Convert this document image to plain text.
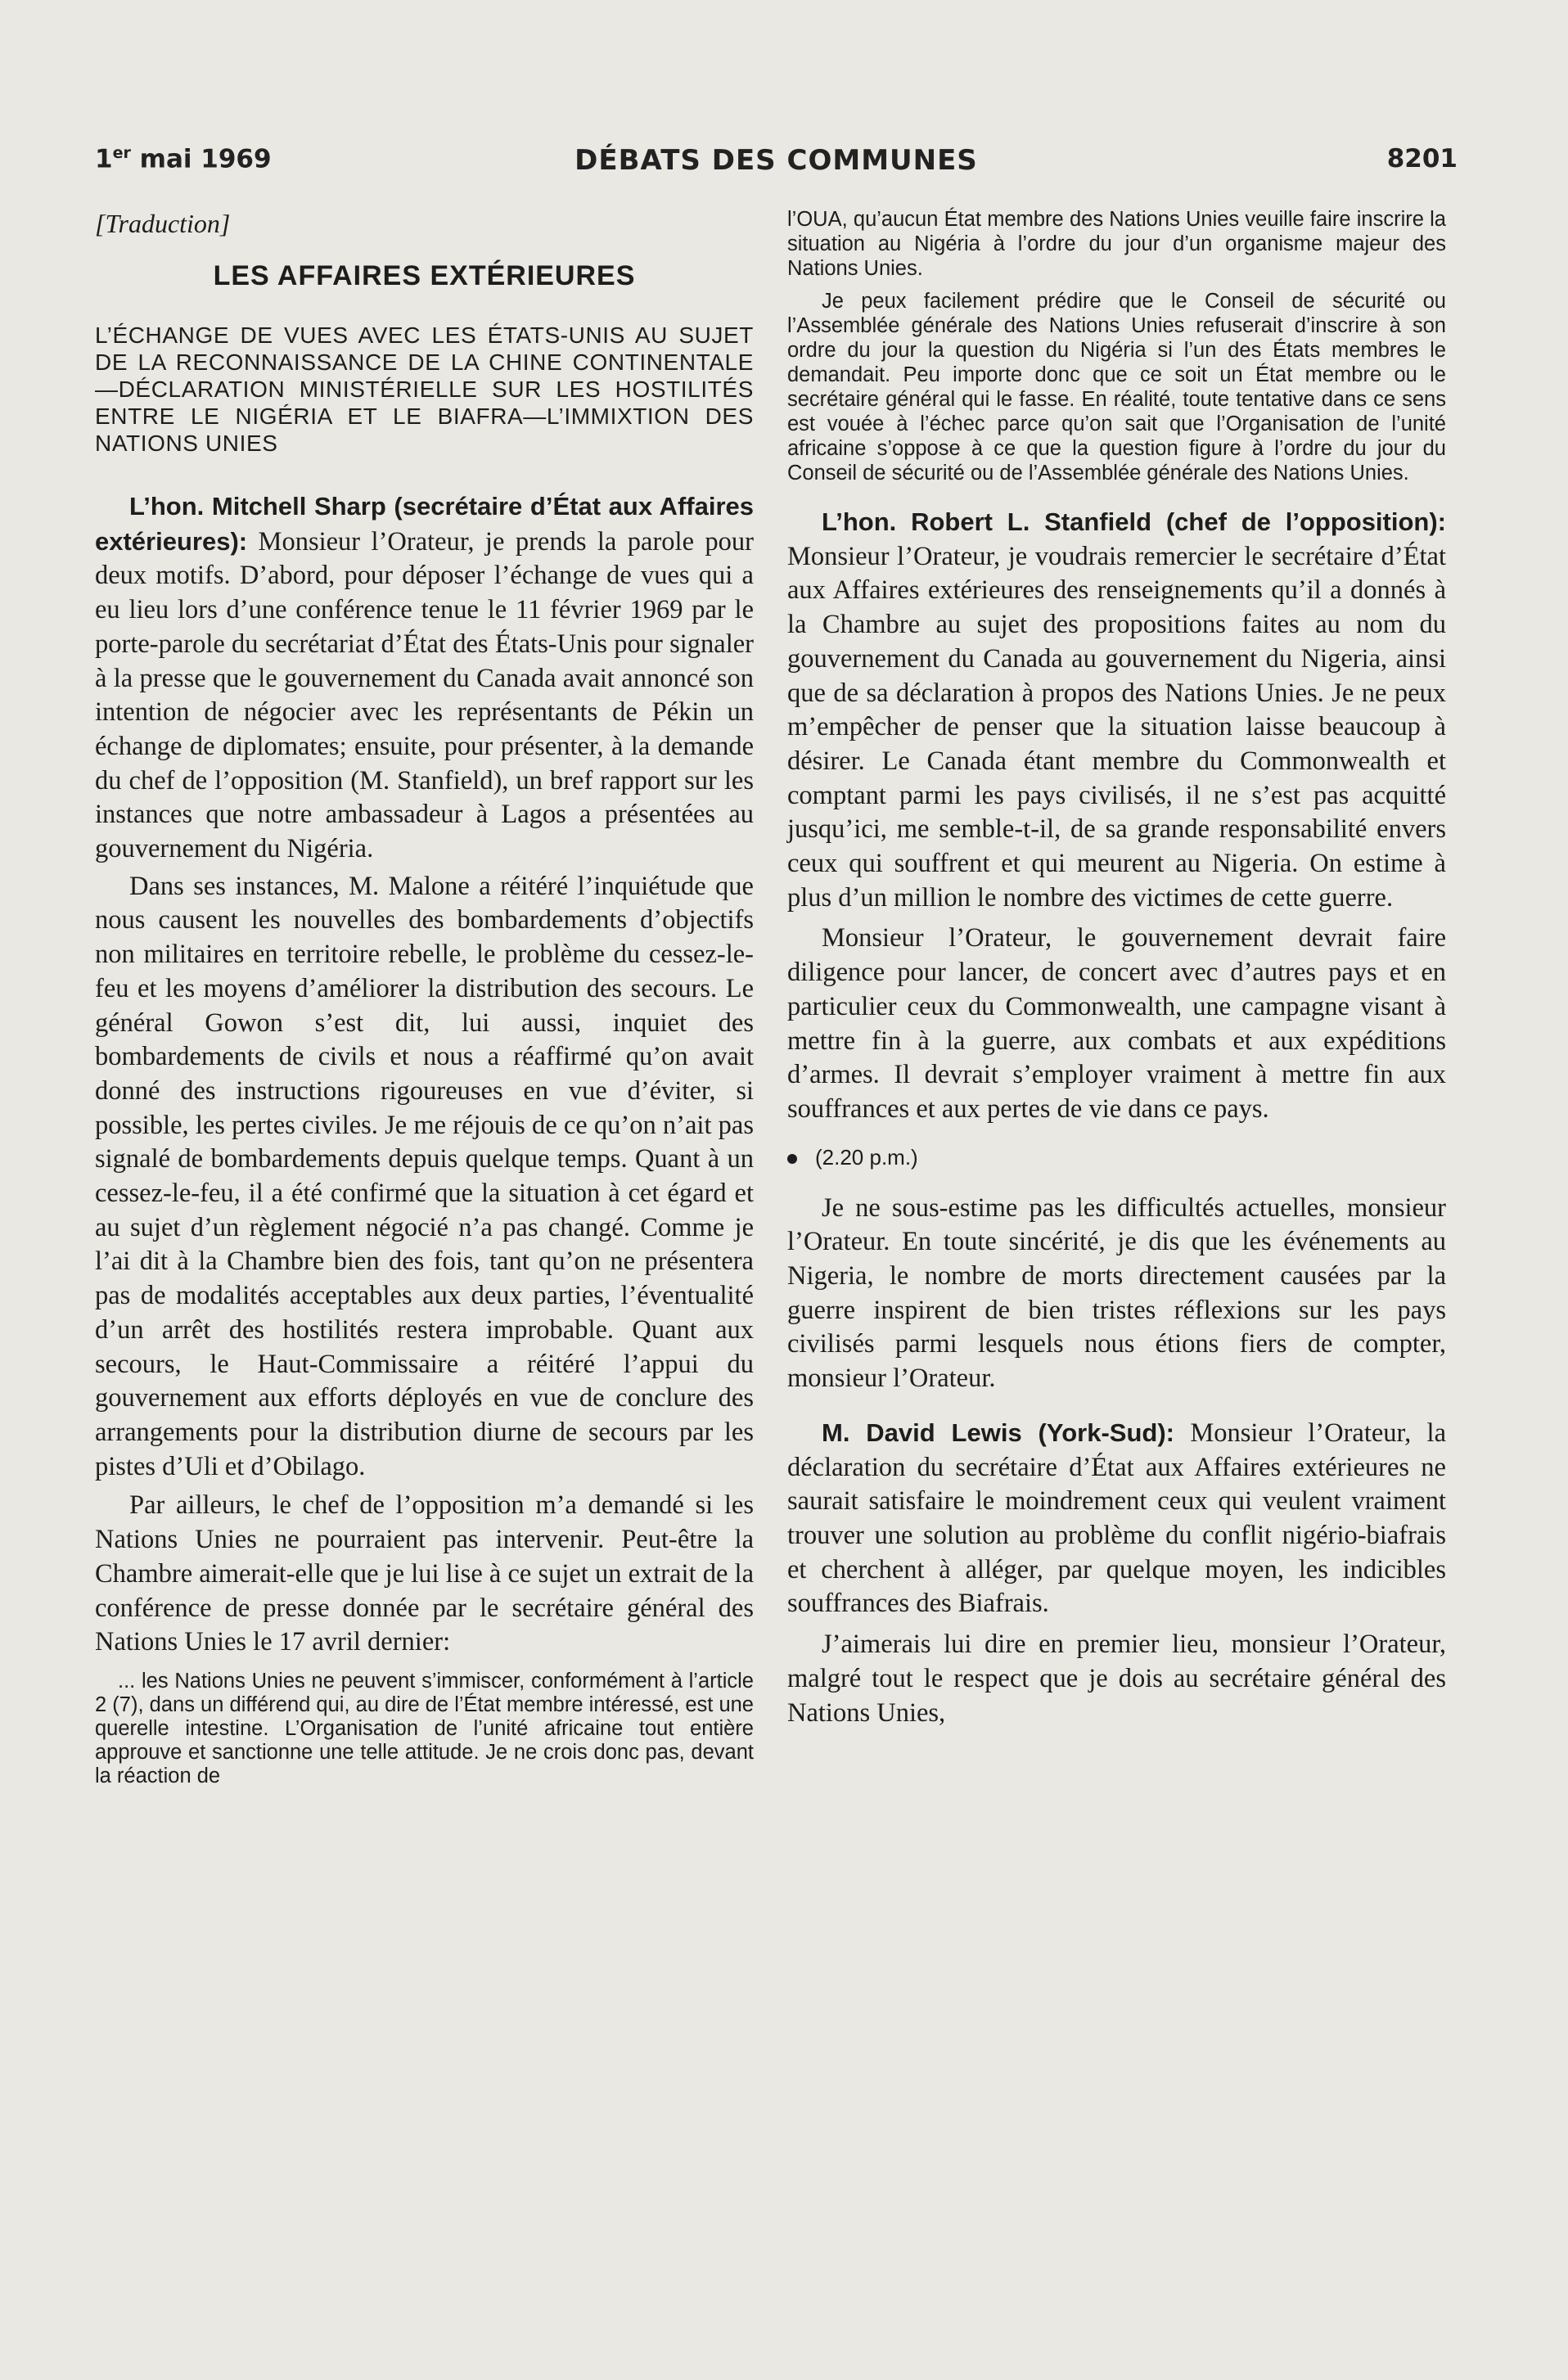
1er mai 1969	DÉBATS DES COMMUNES	8201

[Traduction]

LES AFFAIRES EXTÉRIEURES

L’ÉCHANGE DE VUES AVEC LES ÉTATS-UNIS AU SUJET DE LA RECONNAISSANCE DE LA CHINE CONTINENTALE—DÉCLARATION MINISTÉRIELLE SUR LES HOSTILITÉS ENTRE LE NIGÉRIA ET LE BIAFRA—L’IMMIXTION DES NATIONS UNIES

L’hon. Mitchell Sharp (secrétaire d’État aux Affaires extérieures): Monsieur l’Orateur, je prends la parole pour deux motifs. D’abord, pour déposer l’échange de vues qui a eu lieu lors d’une conférence tenue le 11 février 1969 par le porte-parole du secrétariat d’État des États-Unis pour signaler à la presse que le gouvernement du Canada avait annoncé son intention de négocier avec les représentants de Pékin un échange de diplomates; ensuite, pour présenter, à la demande du chef de l’opposition (M. Stanfield), un bref rapport sur les instances que notre ambassadeur à Lagos a présentées au gouvernement du Nigéria.

Dans ses instances, M. Malone a réitéré l’inquiétude que nous causent les nouvelles des bombardements d’objectifs non militaires en territoire rebelle, le problème du cessez-le-feu et les moyens d’améliorer la distribution des secours. Le général Gowon s’est dit, lui aussi, inquiet des bombardements de civils et nous a réaffirmé qu’on avait donné des instructions rigoureuses en vue d’éviter, si possible, les pertes civiles. Je me réjouis de ce qu’on n’ait pas signalé de bombardements depuis quelque temps. Quant à un cessez-le-feu, il a été confirmé que la situation à cet égard et au sujet d’un règlement négocié n’a pas changé. Comme je l’ai dit à la Chambre bien des fois, tant qu’on ne présentera pas de modalités acceptables aux deux parties, l’éventualité d’un arrêt des hostilités restera improbable. Quant aux secours, le Haut-Commissaire a réitéré l’appui du gouvernement aux efforts déployés en vue de conclure des arrangements pour la distribution diurne de secours par les pistes d’Uli et d’Obilago.

Par ailleurs, le chef de l’opposition m’a demandé si les Nations Unies ne pourraient pas intervenir. Peut-être la Chambre aimerait-elle que je lui lise à ce sujet un extrait de la conférence de presse donnée par le secrétaire général des Nations Unies le 17 avril dernier:

... les Nations Unies ne peuvent s’immiscer, conformément à l’article 2 (7), dans un différend qui, au dire de l’État membre intéressé, est une querelle intestine. L’Organisation de l’unité africaine tout entière approuve et sanctionne une telle attitude. Je ne crois donc pas, devant la réaction de

l’OUA, qu’aucun État membre des Nations Unies veuille faire inscrire la situation au Nigéria à l’ordre du jour d’un organisme majeur des Nations Unies.

Je peux facilement prédire que le Conseil de sécurité ou l’Assemblée générale des Nations Unies refuserait d’inscrire à son ordre du jour la question du Nigéria si l’un des États membres le demandait. Peu importe donc que ce soit un État membre ou le secrétaire général qui le fasse. En réalité, toute tentative dans ce sens est vouée à l’échec parce qu’on sait que l’Organisation de l’unité africaine s’oppose à ce que la question figure à l’ordre du jour du Conseil de sécurité ou de l’Assemblée générale des Nations Unies.

L’hon. Robert L. Stanfield (chef de l’opposition): Monsieur l’Orateur, je voudrais remercier le secrétaire d’État aux Affaires extérieures des renseignements qu’il a donnés à la Chambre au sujet des propositions faites au nom du gouvernement du Canada au gouvernement du Nigeria, ainsi que de sa déclaration à propos des Nations Unies. Je ne peux m’empêcher de penser que la situation laisse beaucoup à désirer. Le Canada étant membre du Commonwealth et comptant parmi les pays civilisés, il ne s’est pas acquitté jusqu’ici, me semble-t-il, de sa grande responsabilité envers ceux qui souffrent et qui meurent au Nigeria. On estime à plus d’un million le nombre des victimes de cette guerre.

Monsieur l’Orateur, le gouvernement devrait faire diligence pour lancer, de concert avec d’autres pays et en particulier ceux du Commonwealth, une campagne visant à mettre fin à la guerre, aux combats et aux expéditions d’armes. Il devrait s’employer vraiment à mettre fin aux souffrances et aux pertes de vie dans ce pays.

(2.20 p.m.)

Je ne sous-estime pas les difficultés actuelles, monsieur l’Orateur. En toute sincérité, je dis que les événements au Nigeria, le nombre de morts directement causées par la guerre inspirent de bien tristes réflexions sur les pays civilisés parmi lesquels nous étions fiers de compter, monsieur l’Orateur.

M. David Lewis (York-Sud): Monsieur l’Orateur, la déclaration du secrétaire d’État aux Affaires extérieures ne saurait satisfaire le moindrement ceux qui veulent vraiment trouver une solution au problème du conflit nigério-biafrais et cherchent à alléger, par quelque moyen, les indicibles souffrances des Biafrais.

J’aimerais lui dire en premier lieu, monsieur l’Orateur, malgré tout le respect que je dois au secrétaire général des Nations Unies,
